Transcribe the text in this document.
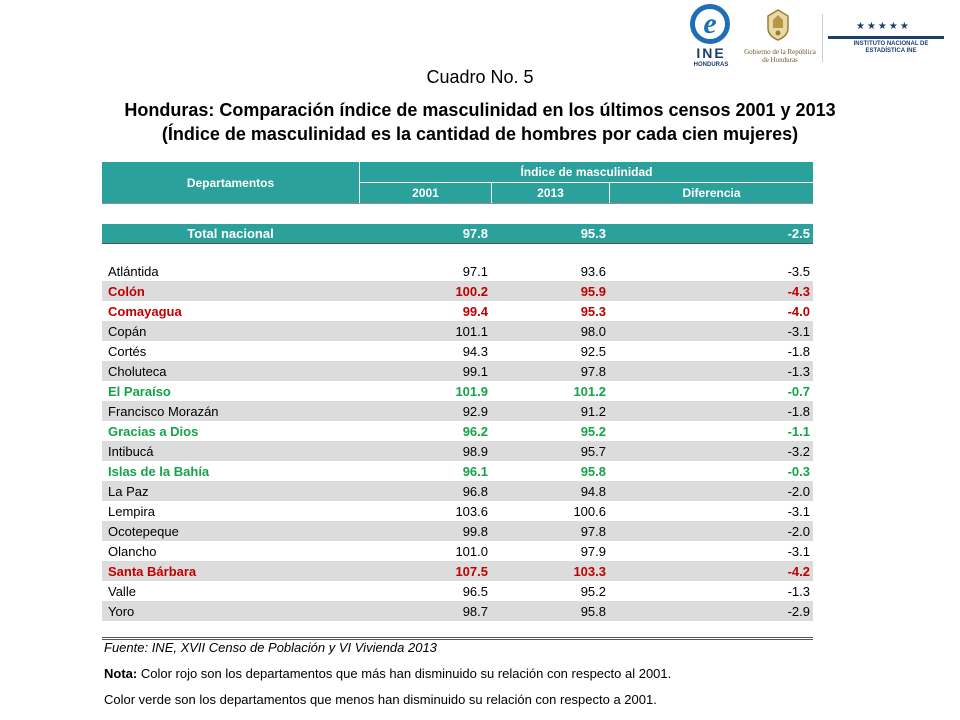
e
INE
HONDURAS
Gobierno de la República de Honduras
★★★★★
INSTITUTO NACIONAL DE ESTADÍSTICA INE
Cuadro No. 5
Honduras: Comparación índice de masculinidad en los últimos censos 2001 y 2013 (Índice de masculinidad es la cantidad de hombres por cada cien mujeres)
Departamentos
Índice de masculinidad
2001	2013	Diferencia
Total nacional	97.8	95.3	-2.5
Atlántida	97.1	93.6	-3.5
Colón	100.2	95.9	-4.3
Comayagua	99.4	95.3	-4.0
Copán	101.1	98.0	-3.1
Cortés	94.3	92.5	-1.8
Choluteca	99.1	97.8	-1.3
El Paraíso	101.9	101.2	-0.7
Francisco Morazán	92.9	91.2	-1.8
Gracias a Dios	96.2	95.2	-1.1
Intibucá	98.9	95.7	-3.2
Islas de la Bahía	96.1	95.8	-0.3
La Paz	96.8	94.8	-2.0
Lempira	103.6	100.6	-3.1
Ocotepeque	99.8	97.8	-2.0
Olancho	101.0	97.9	-3.1
Santa Bárbara	107.5	103.3	-4.2
Valle	96.5	95.2	-1.3
Yoro	98.7	95.8	-2.9

Fuente: INE, XVII Censo de Población y VI Vivienda 2013

Nota: Color rojo son los departamentos que más han disminuido su relación con respecto al 2001.

Color verde son los departamentos que menos han disminuido su relación con respecto a 2001.
